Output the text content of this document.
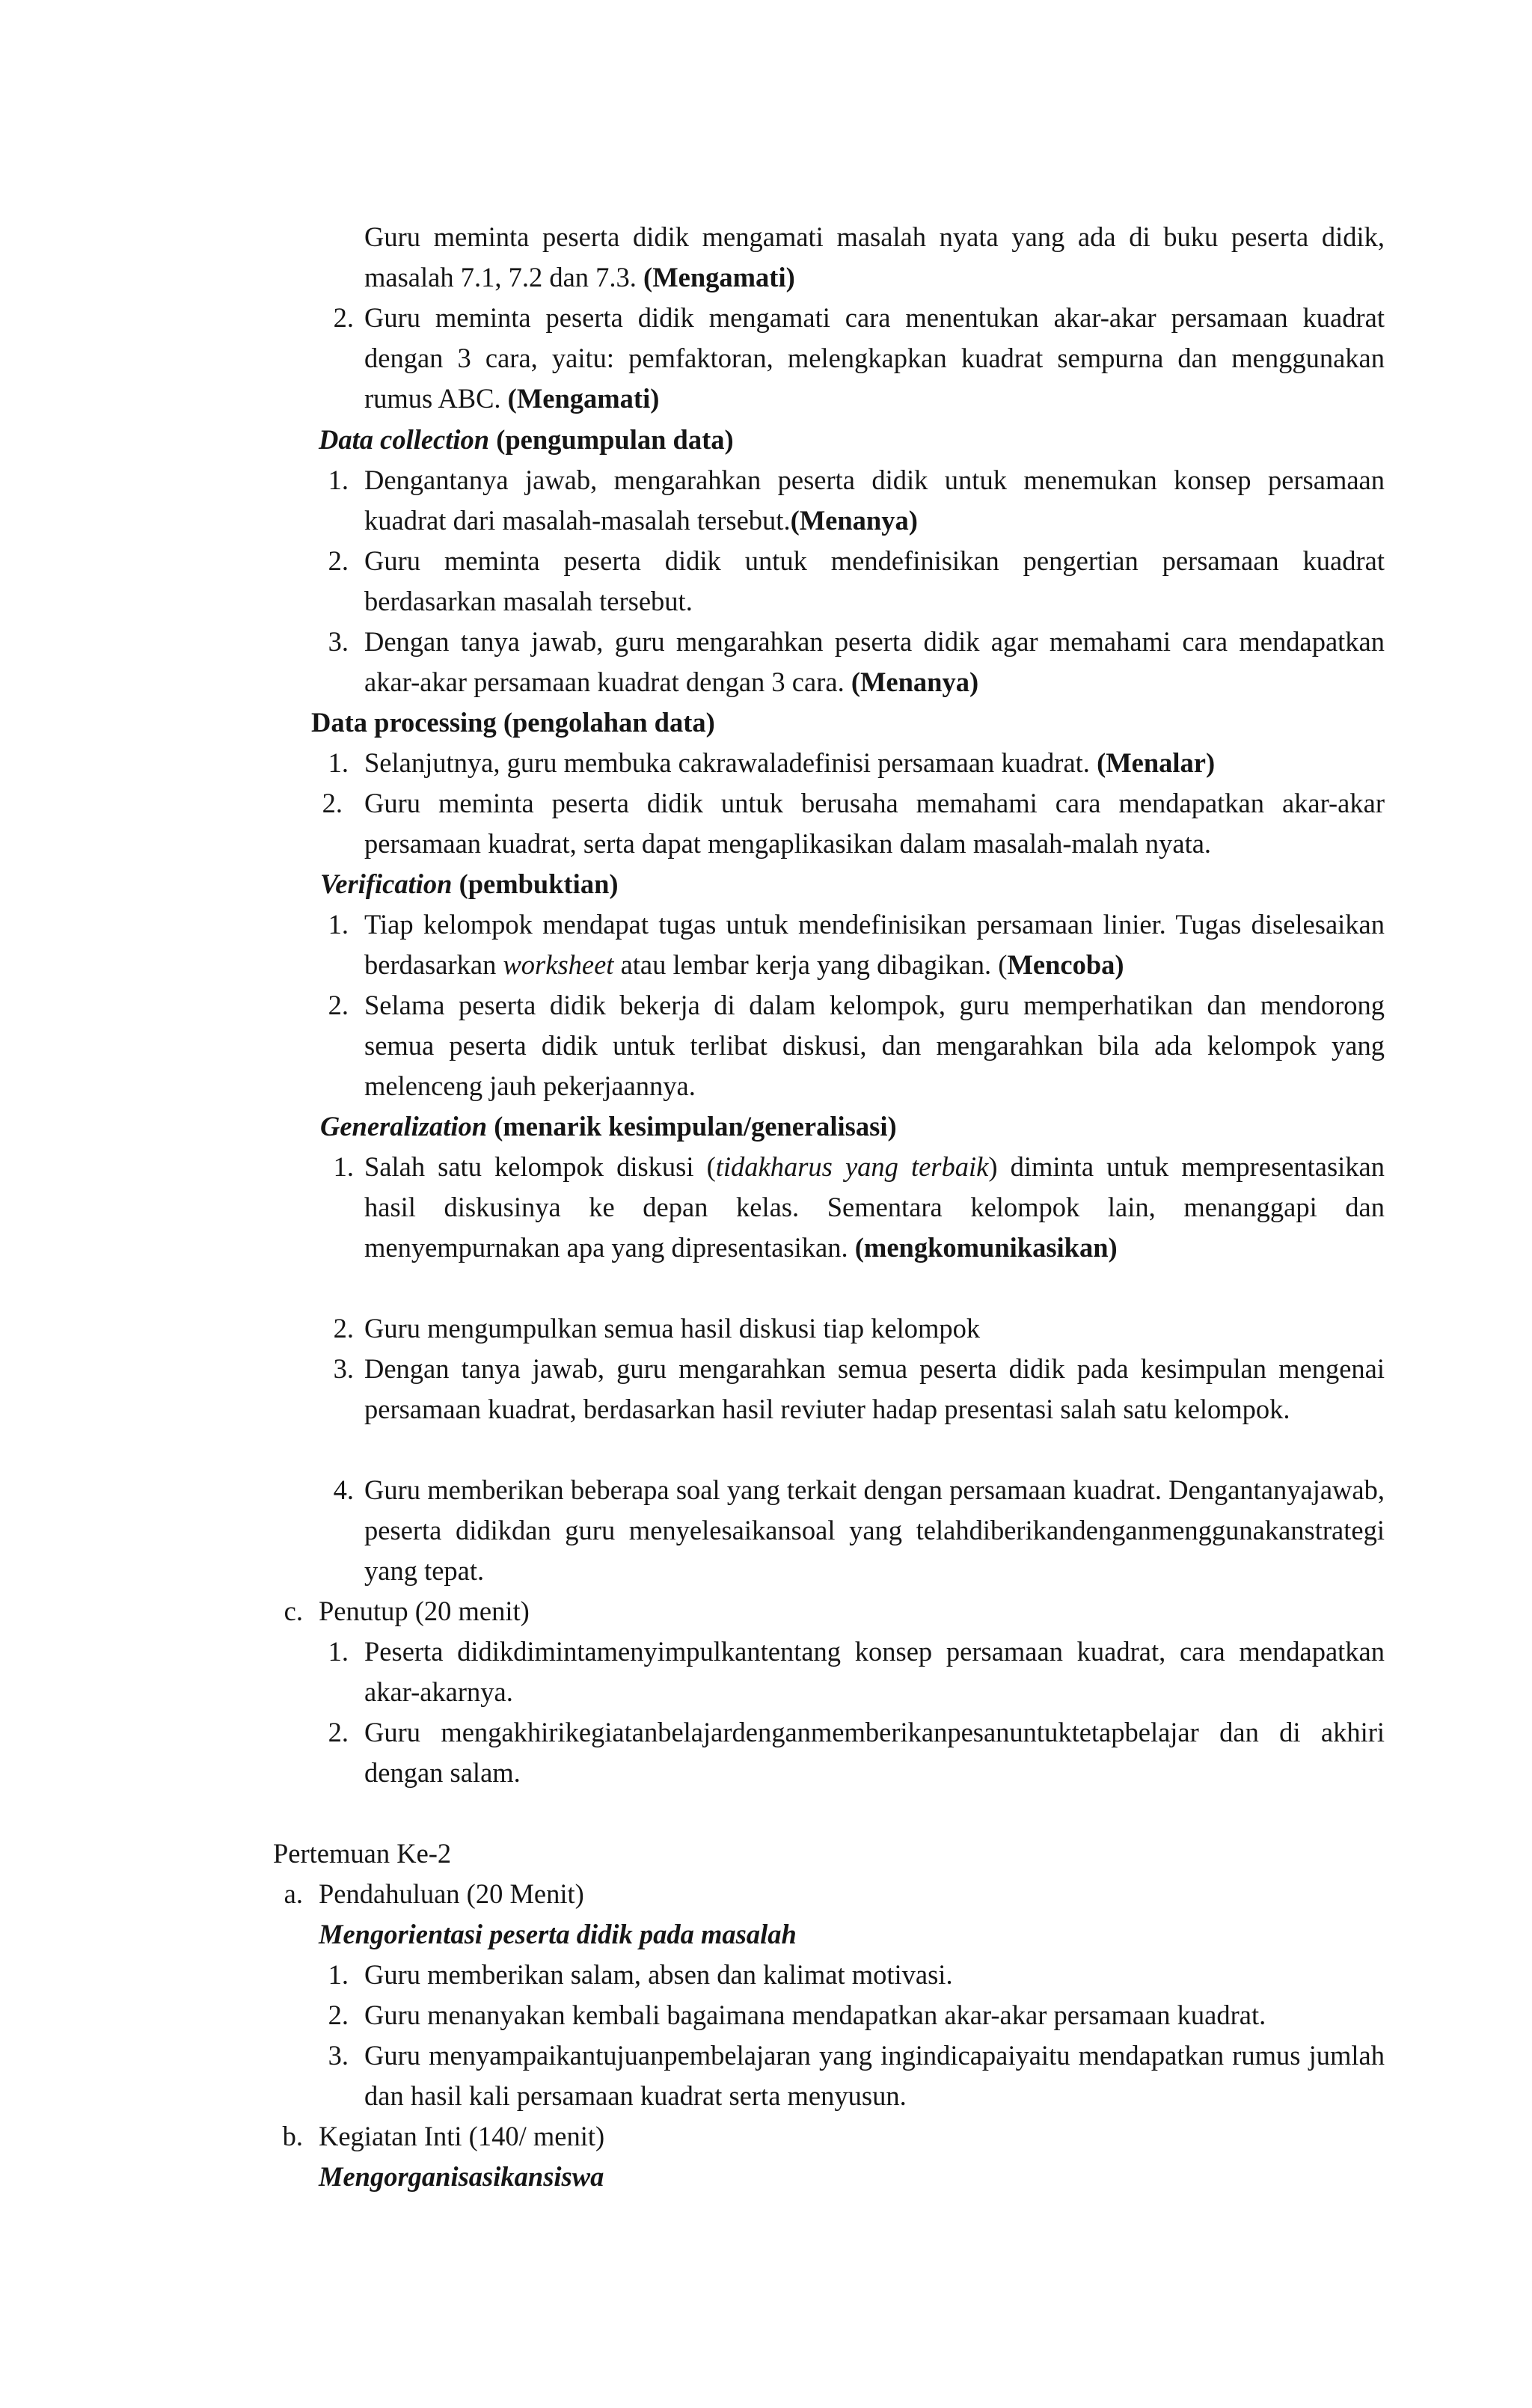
Guru meminta peserta didik mengamati masalah nyata yang ada di buku peserta didik, masalah 7.1, 7.2 dan 7.3. (Mengamati)

2. Guru meminta peserta didik mengamati cara menentukan akar-akar persamaan kuadrat dengan 3 cara, yaitu: pemfaktoran, melengkapkan kuadrat sempurna dan menggunakan rumus ABC. (Mengamati)

Data collection (pengumpulan data)

1. Dengantanya jawab, mengarahkan peserta didik untuk menemukan konsep persamaan kuadrat dari masalah-masalah tersebut.(Menanya)

2. Guru meminta peserta didik untuk mendefinisikan pengertian persamaan kuadrat berdasarkan masalah tersebut.

3. Dengan tanya jawab, guru mengarahkan peserta didik agar memahami cara mendapatkan akar-akar persamaan kuadrat dengan 3 cara. (Menanya)

Data processing (pengolahan data)

1. Selanjutnya, guru membuka cakrawaladefinisi persamaan kuadrat. (Menalar)

2. Guru meminta peserta didik untuk berusaha memahami cara mendapatkan akar-akar persamaan kuadrat, serta dapat mengaplikasikan dalam masalah-malah nyata.

Verification (pembuktian)

1. Tiap kelompok mendapat tugas untuk mendefinisikan persamaan linier. Tugas diselesaikan berdasarkan worksheet atau lembar kerja yang dibagikan. (Mencoba)

2. Selama peserta didik bekerja di dalam kelompok, guru memperhatikan dan mendorong semua peserta didik untuk terlibat diskusi, dan mengarahkan bila ada kelompok yang melenceng jauh pekerjaannya.

Generalization (menarik kesimpulan/generalisasi)

1. Salah satu kelompok diskusi (tidakharus yang terbaik) diminta untuk mempresentasikan hasil diskusinya ke depan kelas. Sementara kelompok lain, menanggapi dan menyempurnakan apa yang dipresentasikan. (mengkomunikasikan)

2. Guru mengumpulkan semua hasil diskusi tiap kelompok

3. Dengan tanya jawab, guru mengarahkan semua peserta didik pada kesimpulan mengenai persamaan kuadrat, berdasarkan hasil reviuter hadap presentasi salah satu kelompok.

4. Guru memberikan beberapa soal yang terkait dengan persamaan kuadrat. Dengantanyajawab, peserta didikdan guru menyelesaikansoal yang telahdiberikandenganmenggunakanstrategi yang tepat.

c. Penutup (20 menit)

1. Peserta didikdimintamenyimpulkantentang konsep persamaan kuadrat, cara mendapatkan akar-akarnya.

2. Guru mengakhirikegiatanbelajardenganmemberikanpesanuntuktetapbelajar dan di akhiri dengan salam.

Pertemuan Ke-2

a. Pendahuluan (20 Menit)

Mengorientasi peserta didik pada masalah

1. Guru memberikan salam, absen dan kalimat motivasi.

2. Guru menanyakan kembali bagaimana mendapatkan akar-akar persamaan kuadrat.

3. Guru menyampaikantujuanpembelajaran yang ingindicapaiyaitu mendapatkan rumus jumlah dan hasil kali persamaan kuadrat serta menyusun.

b. Kegiatan Inti (140/ menit)

Mengorganisasikansiswa
